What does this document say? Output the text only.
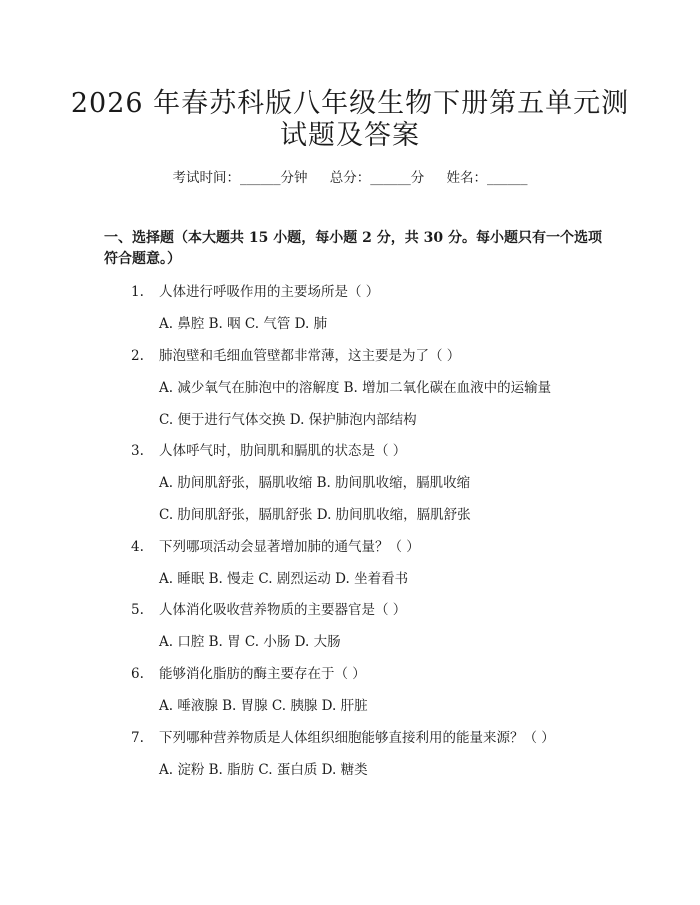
2026 年春苏科版八年级生物下册第五单元测
试题及答案
考试时间：______分钟 总分：______分 姓名：______
一、选择题（本大题共 15 小题，每小题 2 分，共 30 分。每小题只有一个选项符合题意。）
1. 人体进行呼吸作用的主要场所是（ ）
A. 鼻腔 B. 咽 C. 气管 D. 肺
2. 肺泡壁和毛细血管壁都非常薄，这主要是为了（ ）
A. 减少氧气在肺泡中的溶解度 B. 增加二氧化碳在血液中的运输量
C. 便于进行气体交换 D. 保护肺泡内部结构
3. 人体呼气时，肋间肌和膈肌的状态是（ ）
A. 肋间肌舒张，膈肌收缩 B. 肋间肌收缩，膈肌收缩
C. 肋间肌舒张，膈肌舒张 D. 肋间肌收缩，膈肌舒张
4. 下列哪项活动会显著增加肺的通气量？（ ）
A. 睡眠 B. 慢走 C. 剧烈运动 D. 坐着看书
5. 人体消化吸收营养物质的主要器官是（ ）
A. 口腔 B. 胃 C. 小肠 D. 大肠
6. 能够消化脂肪的酶主要存在于（ ）
A. 唾液腺 B. 胃腺 C. 胰腺 D. 肝脏
7. 下列哪种营养物质是人体组织细胞能够直接利用的能量来源？（ ）
A. 淀粉 B. 脂肪 C. 蛋白质 D. 糖类
